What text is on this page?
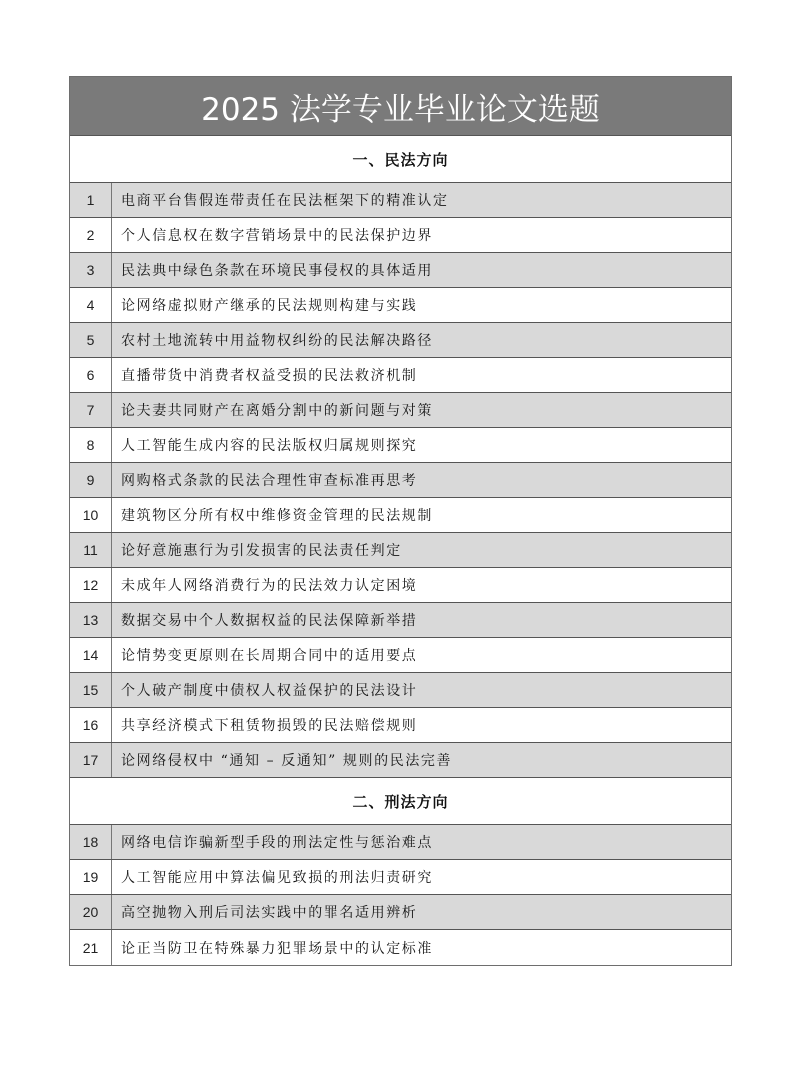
2025 法学专业毕业论文选题
一、民法方向
1	电商平台售假连带责任在民法框架下的精准认定
2	个人信息权在数字营销场景中的民法保护边界
3	民法典中绿色条款在环境民事侵权的具体适用
4	论网络虚拟财产继承的民法规则构建与实践
5	农村土地流转中用益物权纠纷的民法解决路径
6	直播带货中消费者权益受损的民法救济机制
7	论夫妻共同财产在离婚分割中的新问题与对策
8	人工智能生成内容的民法版权归属规则探究
9	网购格式条款的民法合理性审查标准再思考
10	建筑物区分所有权中维修资金管理的民法规制
11	论好意施惠行为引发损害的民法责任判定
12	未成年人网络消费行为的民法效力认定困境
13	数据交易中个人数据权益的民法保障新举措
14	论情势变更原则在长周期合同中的适用要点
15	个人破产制度中债权人权益保护的民法设计
16	共享经济模式下租赁物损毁的民法赔偿规则
17	论网络侵权中 “通知 – 反通知” 规则的民法完善
二、刑法方向
18	网络电信诈骗新型手段的刑法定性与惩治难点
19	人工智能应用中算法偏见致损的刑法归责研究
20	高空抛物入刑后司法实践中的罪名适用辨析
21	论正当防卫在特殊暴力犯罪场景中的认定标准
